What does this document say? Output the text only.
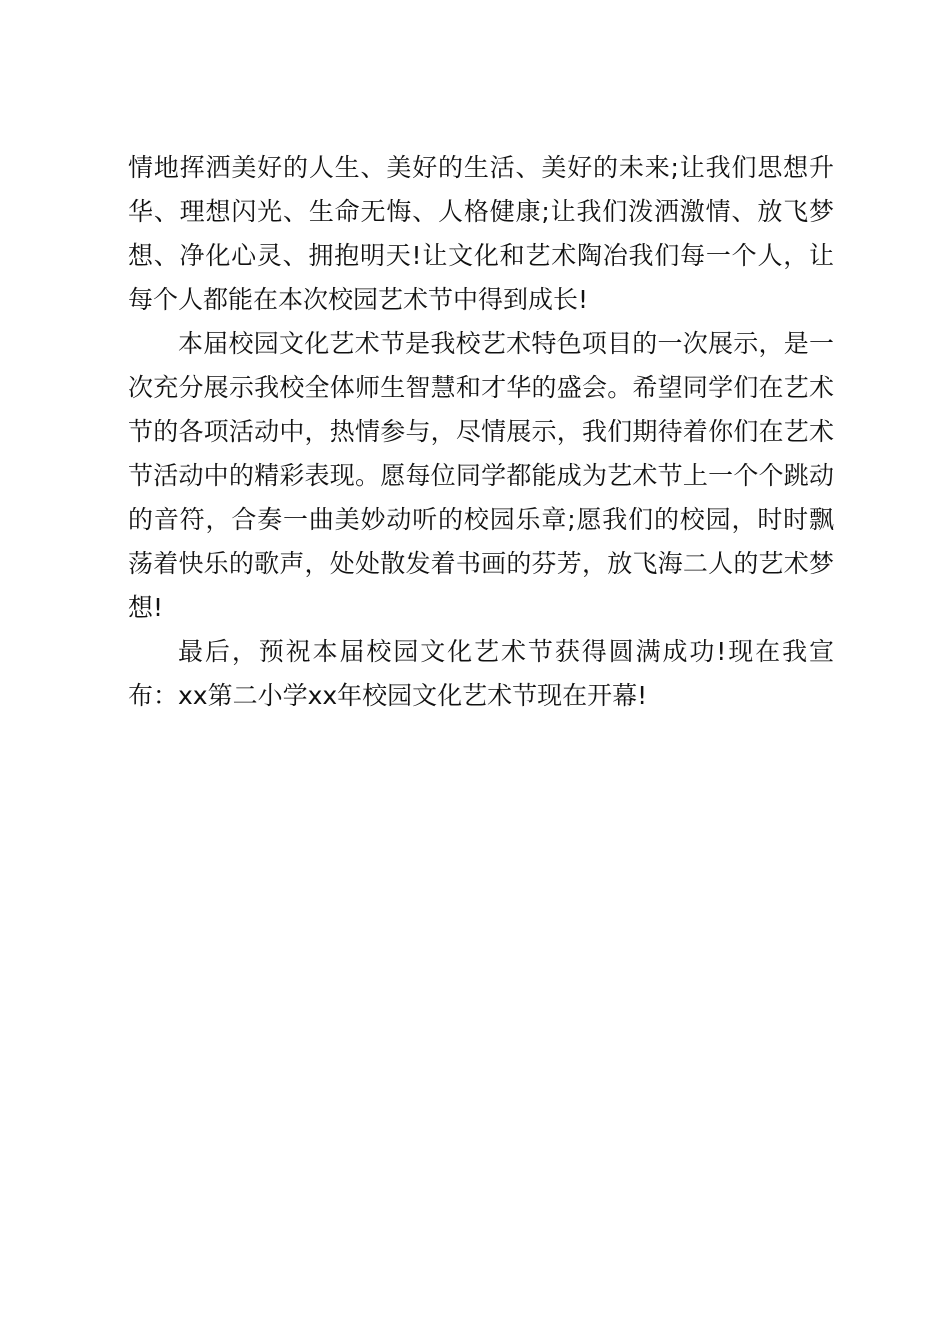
情地挥洒美好的人生、美好的生活、美好的未来;让我们思想升华、理想闪光、生命无悔、人格健康;让我们泼洒激情、放飞梦想、净化心灵、拥抱明天!让文化和艺术陶冶我们每一个人，让每个人都能在本次校园艺术节中得到成长!

本届校园文化艺术节是我校艺术特色项目的一次展示，是一次充分展示我校全体师生智慧和才华的盛会。希望同学们在艺术节的各项活动中，热情参与，尽情展示，我们期待着你们在艺术节活动中的精彩表现。愿每位同学都能成为艺术节上一个个跳动的音符，合奏一曲美妙动听的校园乐章;愿我们的校园，时时飘荡着快乐的歌声，处处散发着书画的芬芳，放飞海二人的艺术梦想!

最后，预祝本届校园文化艺术节获得圆满成功!现在我宣布：xx第二小学xx年校园文化艺术节现在开幕!
